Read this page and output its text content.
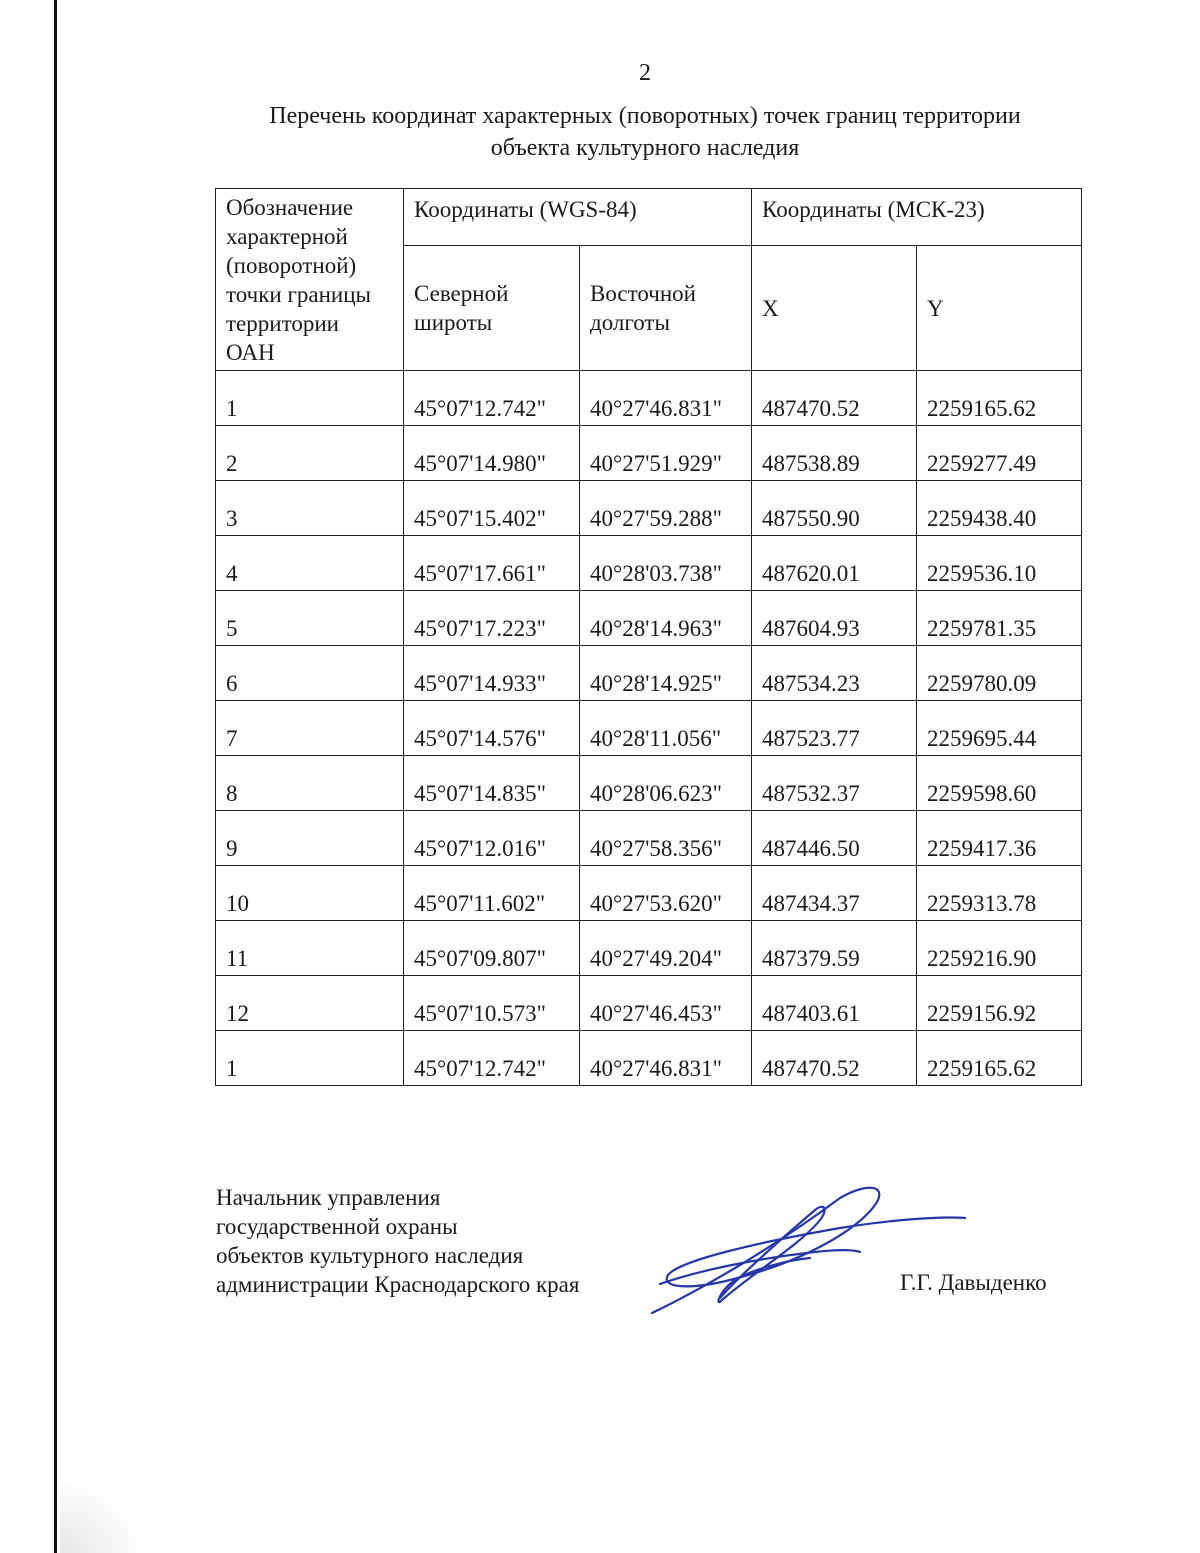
2
Перечень координат характерных (поворотных) точек границ территории
объекта культурного наследия
Обозначение характерной (поворотной) точки границы территории ОАН	Координаты (WGS-84)		Координаты (МСК-23)	
	Северной широты	Восточной долготы	X	Y
1	45°07'12.742"	40°27'46.831"	487470.52	2259165.62
2	45°07'14.980"	40°27'51.929"	487538.89	2259277.49
3	45°07'15.402"	40°27'59.288"	487550.90	2259438.40
4	45°07'17.661"	40°28'03.738"	487620.01	2259536.10
5	45°07'17.223"	40°28'14.963"	487604.93	2259781.35
6	45°07'14.933"	40°28'14.925"	487534.23	2259780.09
7	45°07'14.576"	40°28'11.056"	487523.77	2259695.44
8	45°07'14.835"	40°28'06.623"	487532.37	2259598.60
9	45°07'12.016"	40°27'58.356"	487446.50	2259417.36
10	45°07'11.602"	40°27'53.620"	487434.37	2259313.78
11	45°07'09.807"	40°27'49.204"	487379.59	2259216.90
12	45°07'10.573"	40°27'46.453"	487403.61	2259156.92
1	45°07'12.742"	40°27'46.831"	487470.52	2259165.62
Начальник управления
государственной охраны
объектов культурного наследия
администрации Краснодарского края	Г.Г. Давыденко
